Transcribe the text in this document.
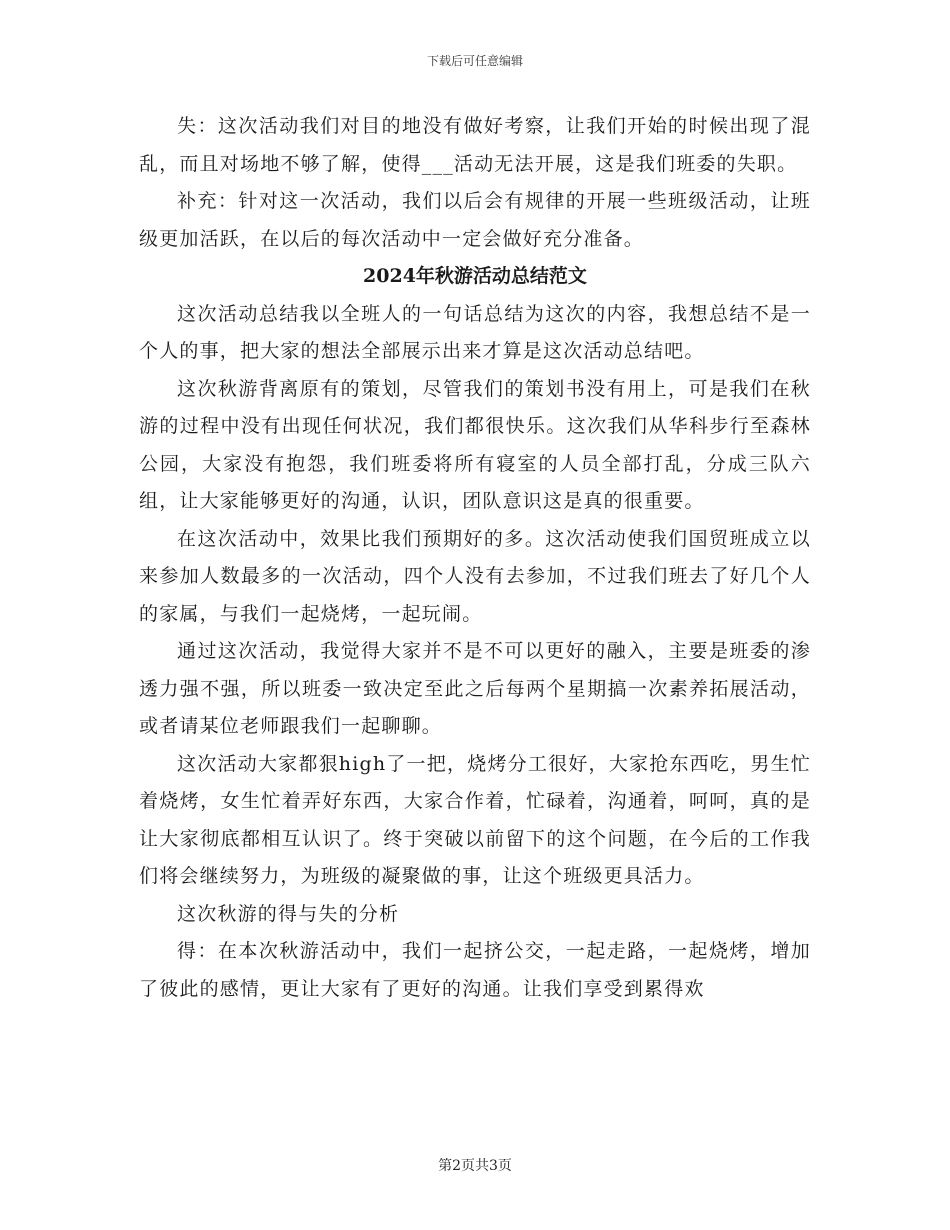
下载后可任意编辑

失：这次活动我们对目的地没有做好考察，让我们开始的时候出现了混乱，而且对场地不够了解，使得___活动无法开展，这是我们班委的失职。

补充：针对这一次活动，我们以后会有规律的开展一些班级活动，让班级更加活跃，在以后的每次活动中一定会做好充分准备。

2024年秋游活动总结范文

这次活动总结我以全班人的一句话总结为这次的内容，我想总结不是一个人的事，把大家的想法全部展示出来才算是这次活动总结吧。

这次秋游背离原有的策划，尽管我们的策划书没有用上，可是我们在秋游的过程中没有出现任何状况，我们都很快乐。这次我们从华科步行至森林公园，大家没有抱怨，我们班委将所有寝室的人员全部打乱，分成三队六组，让大家能够更好的沟通，认识，团队意识这是真的很重要。

在这次活动中，效果比我们预期好的多。这次活动使我们国贸班成立以来参加人数最多的一次活动，四个人没有去参加，不过我们班去了好几个人的家属，与我们一起烧烤，一起玩闹。

通过这次活动，我觉得大家并不是不可以更好的融入，主要是班委的渗透力强不强，所以班委一致决定至此之后每两个星期搞一次素养拓展活动，或者请某位老师跟我们一起聊聊。

这次活动大家都狠high了一把，烧烤分工很好，大家抢东西吃，男生忙着烧烤，女生忙着弄好东西，大家合作着，忙碌着，沟通着，呵呵，真的是让大家彻底都相互认识了。终于突破以前留下的这个问题，在今后的工作我们将会继续努力，为班级的凝聚做的事，让这个班级更具活力。

这次秋游的得与失的分析

得：在本次秋游活动中，我们一起挤公交，一起走路，一起烧烤，增加了彼此的感情，更让大家有了更好的沟通。让我们享受到累得欢

第2页共3页
